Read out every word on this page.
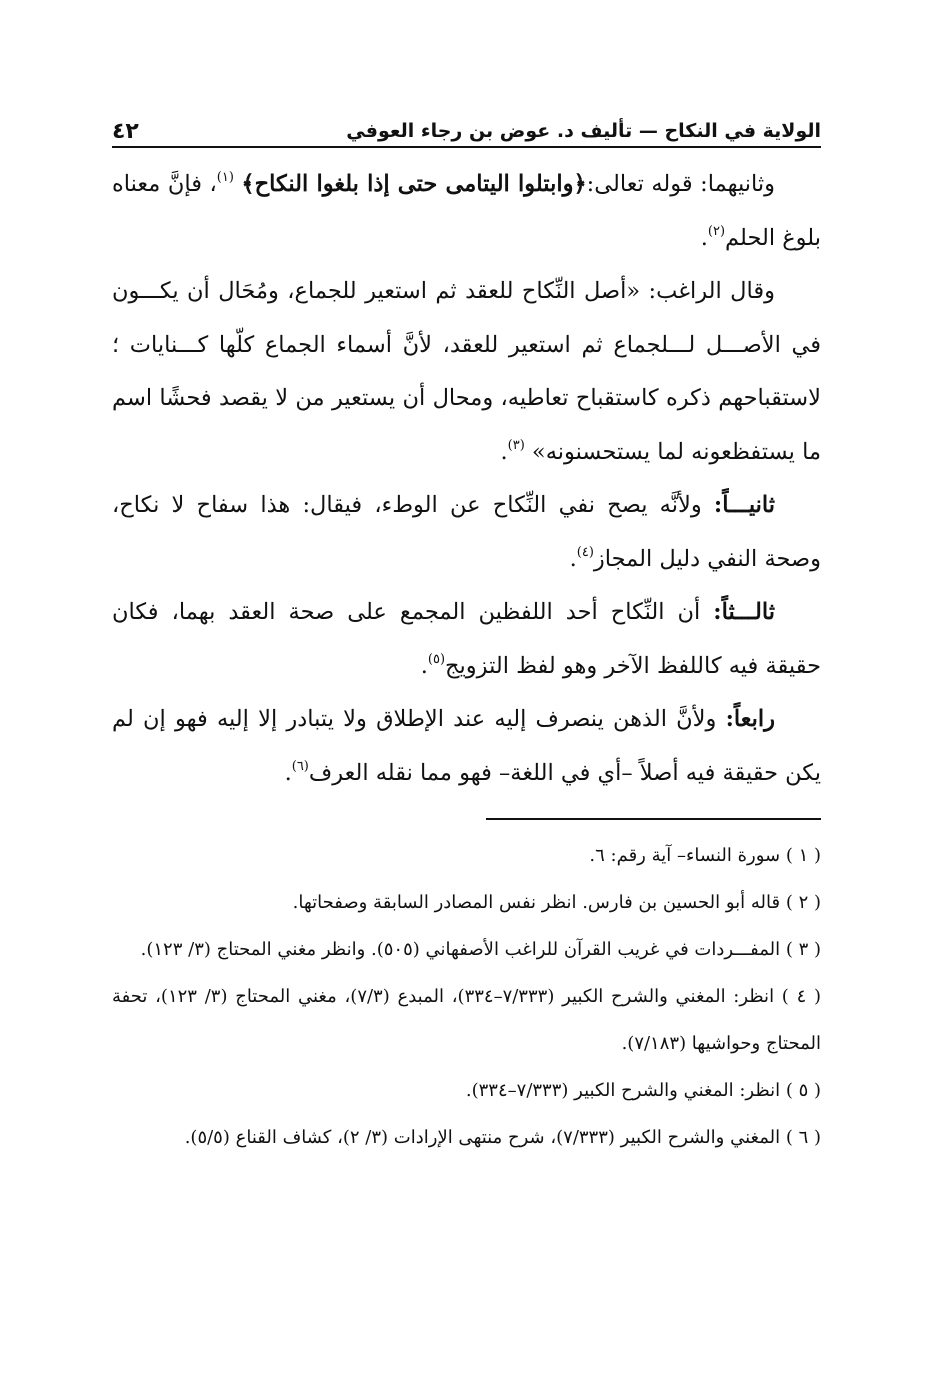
الولاية في النكاح — تأليف د. عوض بن رجاء العوفي
٤٢

وثانيهما: قوله تعالى:﴿وابتلوا اليتامى حتى إذا بلغوا النكاح﴾ $^{(١)}$، فإنَّ معناه بلوغ الحلم$^{(٢)}$.

وقال الراغب: «أصل النِّكاح للعقد ثم استعير للجماع، ومُحَال أن يكـــون في الأصـــل لـــلجماع ثم استعير للعقد، لأنَّ أسماء الجماع كلّها كـــنايات ؛لاستقباحهم ذكره كاستقباح تعاطيه، ومحال أن يستعير من لا يقصد فحشًا اسم ما يستفظعونه لما يستحسنونه» $^{(٣)}$.

ثانيـــاً: ولأنَّه يصح نفي النِّكاح عن الوطء، فيقال: هذا سفاح لا نكاح، وصحة النفي دليل المجاز$^{(٤)}$.

ثالـــثاً: أن النِّكاح أحد اللفظين المجمع على صحة العقد بهما، فكان حقيقة فيه كاللفظ الآخر وهو لفظ التزويج$^{(٥)}$.

رابعاً: ولأنَّ الذهن ينصرف إليه عند الإطلاق ولا يتبادر إلا إليه فهو إن لم يكن حقيقة فيه أصلاً –أي في اللغة– فهو مما نقله العرف$^{(٦)}$.

( ١ ) سورة النساء– آية رقم: ٦.

( ٢ ) قاله أبو الحسين بن فارس. انظر نفس المصادر السابقة وصفحاتها.

( ٣ ) المفـــردات في غريب القرآن للراغب الأصفهاني (٥٠٥). وانظر مغني المحتاج (٣/ ١٢٣).

( ٤ ) انظر: المغني والشرح الكبير (٧/٣٣٣–٣٣٤)، المبدع (٧/٣)، مغني المحتاج (٣/ ١٢٣)، تحفة المحتاج وحواشيها (٧/١٨٣).

( ٥ ) انظر: المغني والشرح الكبير (٧/٣٣٣–٣٣٤).

( ٦ ) المغني والشرح الكبير (٧/٣٣٣)، شرح منتهى الإرادات (٣/ ٢)، كشاف القناع (٥/٥).
